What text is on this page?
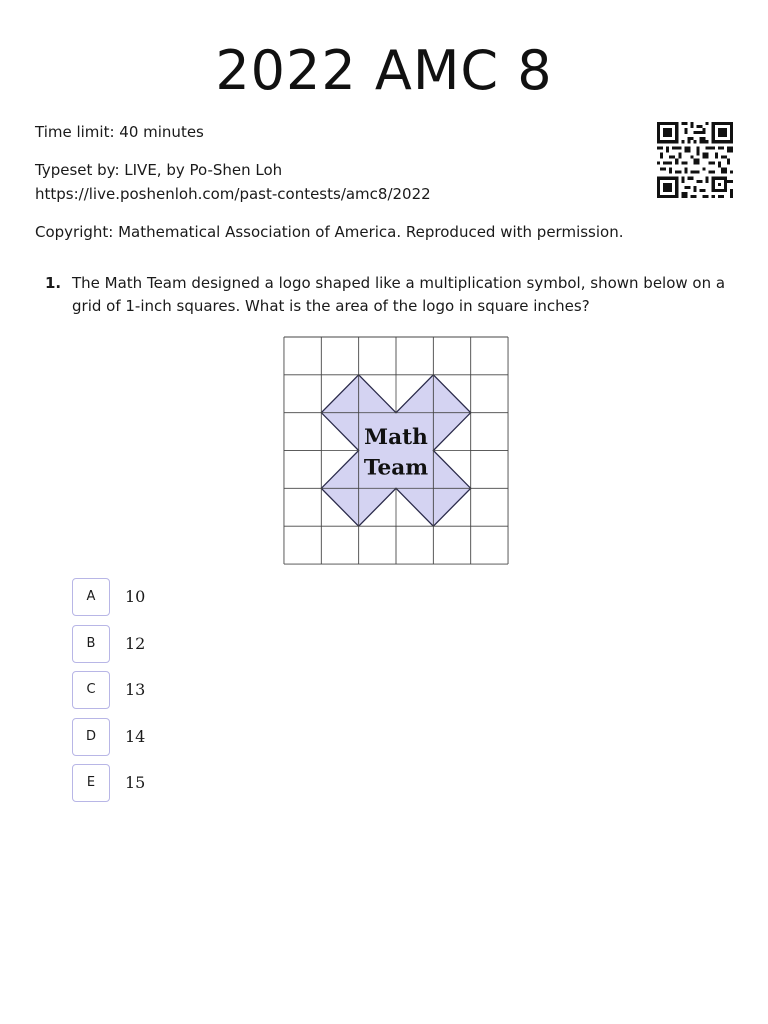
2022 AMC 8
Time limit: 40 minutes
Typeset by: LIVE, by Po-Shen Loh
https://live.poshenloh.com/past-contests/amc8/2022
Copyright: Mathematical Association of America. Reproduced with permission.
1. The Math Team designed a logo shaped like a multiplication symbol, shown below on a grid of 1-inch squares. What is the area of the logo in square inches?
Math
Team
A	10
B	12
C	13
D	14
E	15
